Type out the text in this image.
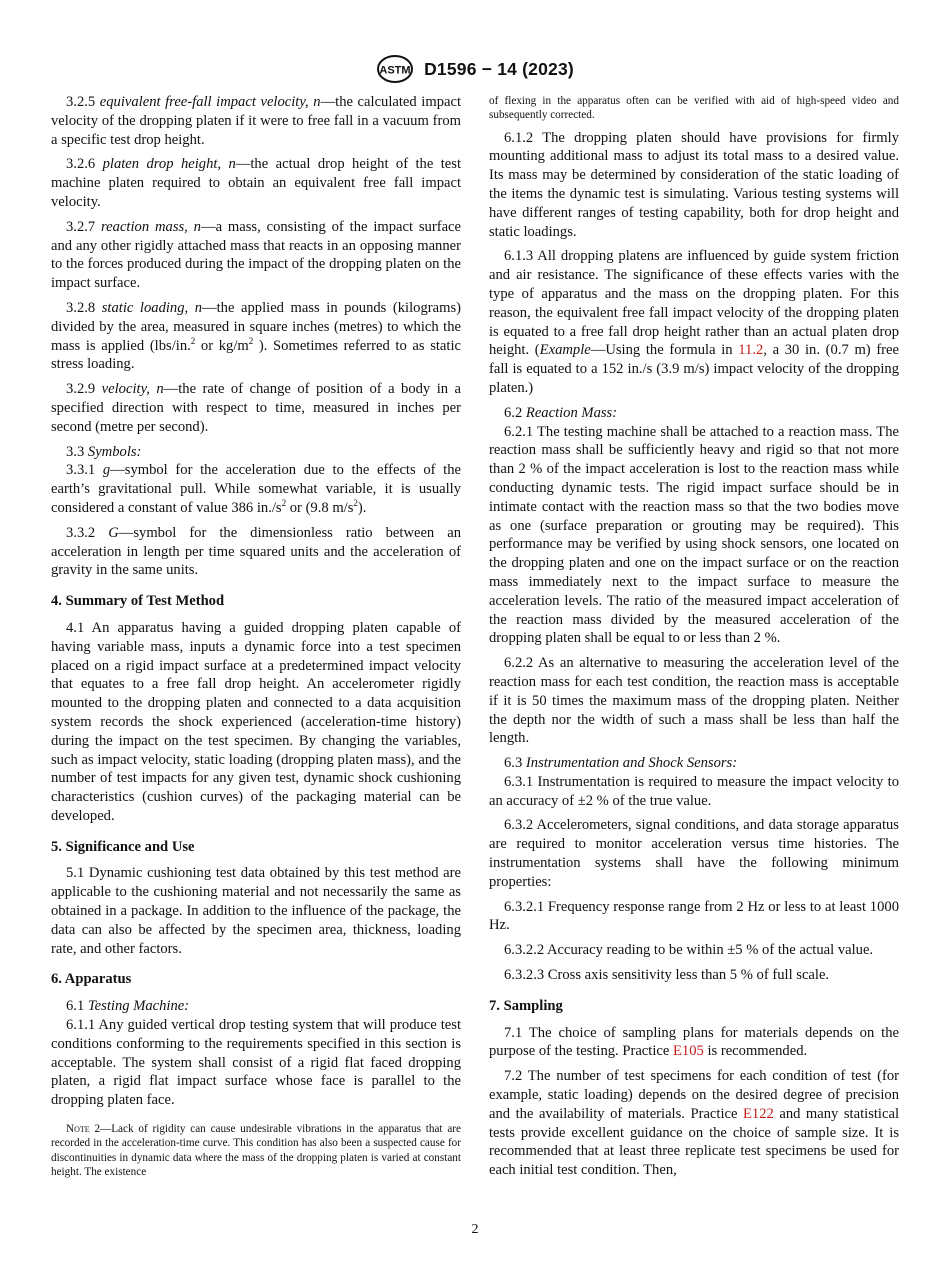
ASTM D1596 − 14 (2023)

3.2.5 equivalent free-fall impact velocity, n—the calculated impact velocity of the dropping platen if it were to free fall in a vacuum from a specific test drop height.

3.2.6 platen drop height, n—the actual drop height of the test machine platen required to obtain an equivalent free fall impact velocity.

3.2.7 reaction mass, n—a mass, consisting of the impact surface and any other rigidly attached mass that reacts in an opposing manner to the forces produced during the impact of the dropping platen on the impact surface.

3.2.8 static loading, n—the applied mass in pounds (kilograms) divided by the area, measured in square inches (metres) to which the mass is applied (lbs/in.$^2$ or $kg/m^2$ ). Sometimes referred to as static stress loading.

3.2.9 velocity, n—the rate of change of position of a body in a specified direction with respect to time, measured in inches per second (metre per second).

3.3 Symbols:

3.3.1 g—symbol for the acceleration due to the effects of the earth’s gravitational pull. While somewhat variable, it is usually considered a constant of value 386 $in./s^2$ or (9.8 $m/s^2$).

3.3.2 G—symbol for the dimensionless ratio between an acceleration in length per time squared units and the acceleration of gravity in the same units.

4. Summary of Test Method

4.1 An apparatus having a guided dropping platen capable of having variable mass, inputs a dynamic force into a test specimen placed on a rigid impact surface at a predetermined impact velocity that equates to a free fall drop height. An accelerometer rigidly mounted to the dropping platen and connected to a data acquisition system records the shock experienced (acceleration-time history) during the impact on the test specimen. By changing the variables, such as impact velocity, static loading (dropping platen mass), and the number of test impacts for any given test, dynamic shock cushioning characteristics (cushion curves) of the packaging material can be developed.

5. Significance and Use

5.1 Dynamic cushioning test data obtained by this test method are applicable to the cushioning material and not necessarily the same as obtained in a package. In addition to the influence of the package, the data can also be affected by the specimen area, thickness, loading rate, and other factors.

6. Apparatus

6.1 Testing Machine:

6.1.1 Any guided vertical drop testing system that will produce test conditions conforming to the requirements specified in this section is acceptable. The system shall consist of a rigid flat faced dropping platen, a rigid flat impact surface whose face is parallel to the dropping platen face.

Note 2—Lack of rigidity can cause undesirable vibrations in the apparatus that are recorded in the acceleration-time curve. This condition has also been a suspected cause for discontinuities in dynamic data where the mass of the dropping platen is varied at constant height. The existence

of flexing in the apparatus often can be verified with aid of high-speed video and subsequently corrected.

6.1.2 The dropping platen should have provisions for firmly mounting additional mass to adjust its total mass to a desired value. Its mass may be determined by consideration of the static loading of the items the dynamic test is simulating. Various testing systems will have different ranges of testing capability, both for drop height and static loadings.

6.1.3 All dropping platens are influenced by guide system friction and air resistance. The significance of these effects varies with the type of apparatus and the mass on the dropping platen. For this reason, the equivalent free fall impact velocity of the dropping platen is equated to a free fall drop height rather than an actual platen drop height. (Example—Using the formula in 11.2, a 30 in. (0.7 m) free fall is equated to a 152 in./s (3.9 m/s) impact velocity of the dropping platen.)

6.2 Reaction Mass:

6.2.1 The testing machine shall be attached to a reaction mass. The reaction mass shall be sufficiently heavy and rigid so that not more than 2 % of the impact acceleration is lost to the reaction mass while conducting dynamic tests. The rigid impact surface should be in intimate contact with the reaction mass so that the two bodies move as one (surface preparation or grouting may be required). This performance may be verified by using shock sensors, one located on the dropping platen and one on the impact surface or on the reaction mass immediately next to the impact surface to measure the acceleration levels. The ratio of the measured impact acceleration of the reaction mass divided by the measured acceleration of the dropping platen shall be equal to or less than 2 %.

6.2.2 As an alternative to measuring the acceleration level of the reaction mass for each test condition, the reaction mass is acceptable if it is 50 times the maximum mass of the dropping platen. Neither the depth nor the width of such a mass shall be less than half the length.

6.3 Instrumentation and Shock Sensors:

6.3.1 Instrumentation is required to measure the impact velocity to an accuracy of ±2 % of the true value.

6.3.2 Accelerometers, signal conditions, and data storage apparatus are required to monitor acceleration versus time histories. The instrumentation systems shall have the following minimum properties:

6.3.2.1 Frequency response range from 2 Hz or less to at least 1000 Hz.

6.3.2.2 Accuracy reading to be within ±5 % of the actual value.

6.3.2.3 Cross axis sensitivity less than 5 % of full scale.

7. Sampling

7.1 The choice of sampling plans for materials depends on the purpose of the testing. Practice E105 is recommended.

7.2 The number of test specimens for each condition of test (for example, static loading) depends on the desired degree of precision and the availability of materials. Practice E122 and many statistical tests provide excellent guidance on the choice of sample size. It is recommended that at least three replicate test specimens be used for each initial test condition. Then,

2
